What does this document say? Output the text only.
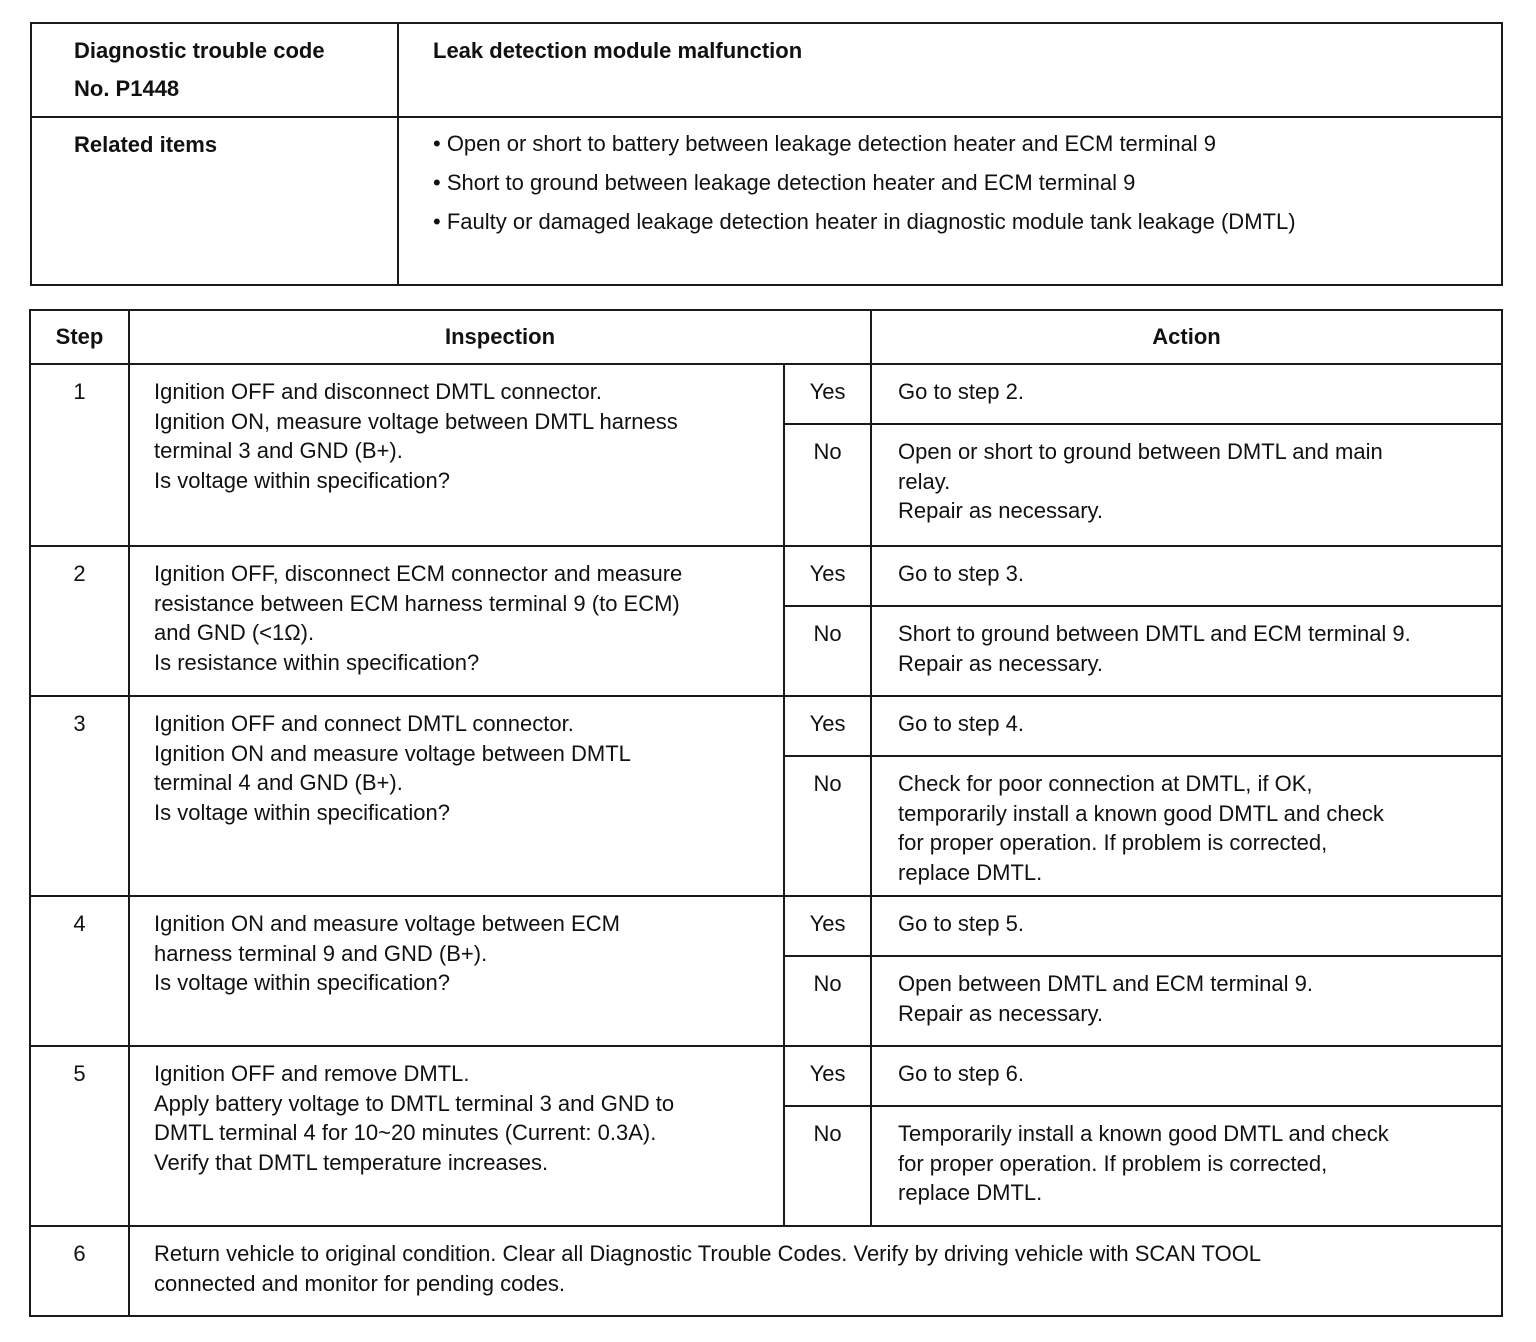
Diagnostic trouble code
No. P1448	Leak detection module malfunction

Related items	• Open or short to battery between leakage detection heater and ECM terminal 9
• Short to ground between leakage detection heater and ECM terminal 9
• Faulty or damaged leakage detection heater in diagnostic module tank leakage (DMTL)
Step	Inspection		Action
1	Ignition OFF and disconnect DMTL connector.
Ignition ON, measure voltage between DMTL harness
terminal 3 and GND (B+).
Is voltage within specification?	Yes	Go to step 2.

		No	Open or short to ground between DMTL and main
relay.
Repair as necessary.

2	Ignition OFF, disconnect ECM connector and measure
resistance between ECM harness terminal 9 (to ECM)
and GND (<1Ω).
Is resistance within specification?	Yes	Go to step 3.

		No	Short to ground between DMTL and ECM terminal 9.
Repair as necessary.

3	Ignition OFF and connect DMTL connector.
Ignition ON and measure voltage between DMTL
terminal 4 and GND (B+).
Is voltage within specification?	Yes	Go to step 4.

		No	Check for poor connection at DMTL, if OK,
temporarily install a known good DMTL and check
for proper operation. If problem is corrected,
replace DMTL.

4	Ignition ON and measure voltage between ECM
harness terminal 9 and GND (B+).
Is voltage within specification?	Yes	Go to step 5.

		No	Open between DMTL and ECM terminal 9.
Repair as necessary.

5	Ignition OFF and remove DMTL.
Apply battery voltage to DMTL terminal 3 and GND to
DMTL terminal 4 for 10~20 minutes (Current: 0.3A).
Verify that DMTL temperature increases.	Yes	Go to step 6.

		No	Temporarily install a known good DMTL and check
for proper operation. If problem is corrected,
replace DMTL.

6	Return vehicle to original condition. Clear all Diagnostic Trouble Codes. Verify by driving vehicle with SCAN TOOL
connected and monitor for pending codes.		
